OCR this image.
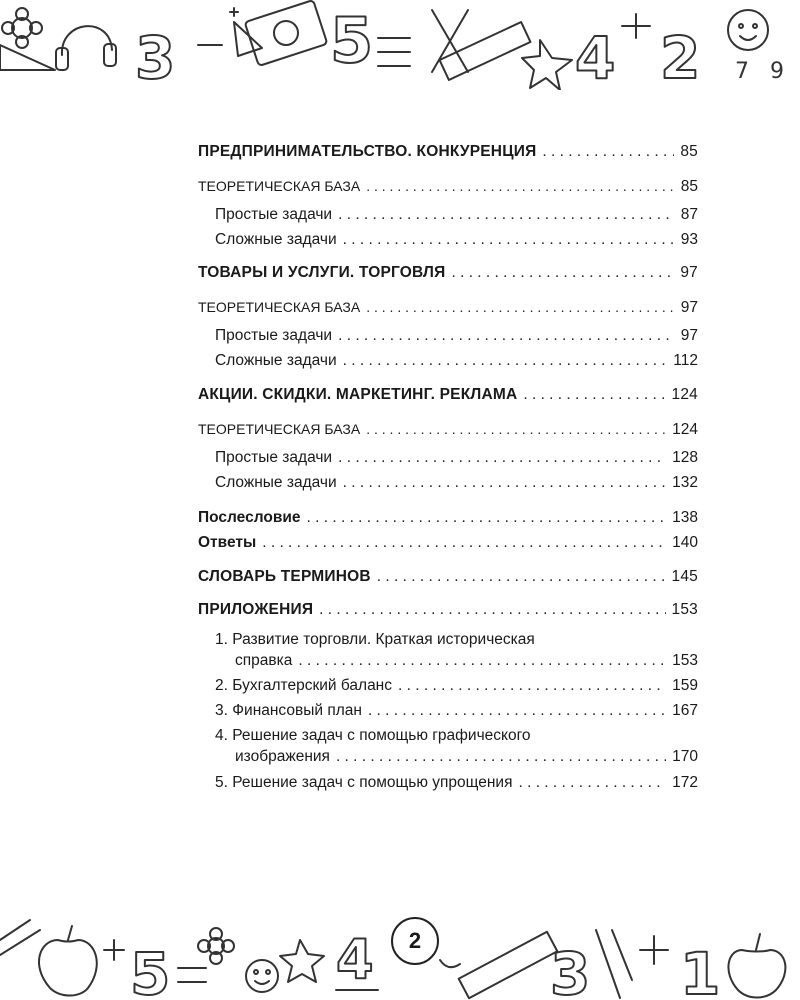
3 5	4 2 7 9
ПРЕДПРИНИМАТЕЛЬСТВО. КОНКУРЕНЦИЯ . . .	85
ТЕОРЕТИЧЕСКАЯ БАЗА . . .	85
Простые задачи . . .	87
Сложные задачи . . .	93
ТОВАРЫ И УСЛУГИ. ТОРГОВЛЯ . . .	97
ТЕОРЕТИЧЕСКАЯ БАЗА . . .	97
Простые задачи . . .	97
Сложные задачи . . .	112
АКЦИИ. СКИДКИ. МАРКЕТИНГ. РЕКЛАМА . . .	124
ТЕОРЕТИЧЕСКАЯ БАЗА . . .	124
Простые задачи . . .	128
Сложные задачи . . .	132
Послесловие . . .	138
Ответы . . .	140
СЛОВАРЬ ТЕРМИНОВ . . .	145
ПРИЛОЖЕНИЯ . . .	153
1. Развитие торговли. Краткая историческая
справка . . .	153
2. Бухгалтерский баланс . . .	159
3. Финансовый план . . .	167
4. Решение задач с помощью графического
изображения . . .	170
5. Решение задач с помощью упрощения . . .	172
5	4	3 1
2
